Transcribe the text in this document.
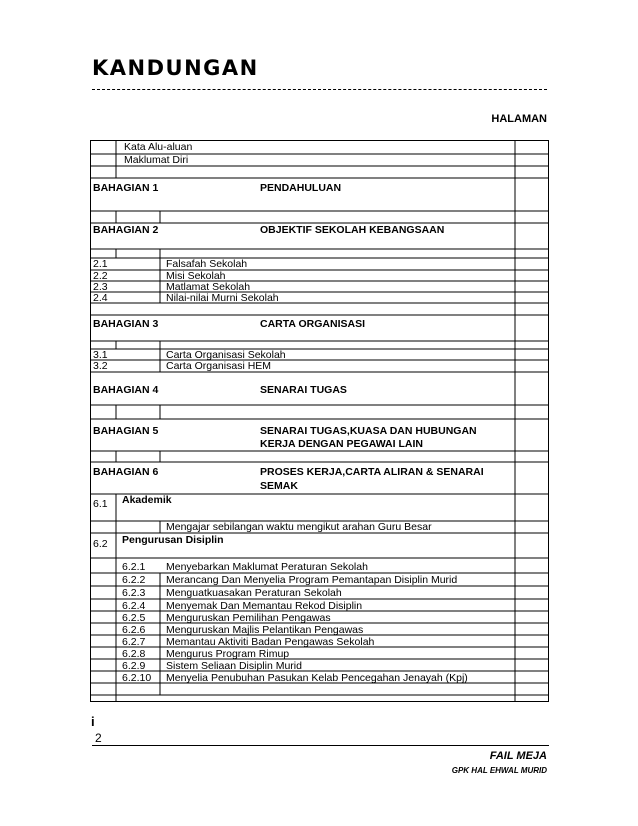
KANDUNGAN
HALAMAN
Kata Alu-aluan
Maklumat Diri
BAHAGIAN 1	PENDAHULUAN
BAHAGIAN 2	OBJEKTIF SEKOLAH KEBANGSAAN
2.1	Falsafah Sekolah
2.2	Misi Sekolah
2.3	Matlamat Sekolah
2.4	Nilai-nilai Murni Sekolah
BAHAGIAN 3	CARTA ORGANISASI
3.1	Carta Organisasi Sekolah
3.2	Carta Organisasi HEM
BAHAGIAN 4	SENARAI TUGAS
BAHAGIAN 5	SENARAI TUGAS,KUASA DAN HUBUNGAN
KERJA DENGAN PEGAWAI LAIN
BAHAGIAN 6	PROSES KERJA,CARTA ALIRAN & SENARAI
SEMAK
6.1 Akademik
Mengajar sebilangan waktu mengikut arahan Guru Besar
6.2 Pengurusan Disiplin
6.2.1 Menyebarkan Maklumat Peraturan Sekolah
6.2.2 Merancang Dan Menyelia Program Pemantapan Disiplin Murid
6.2.3 Menguatkuasakan Peraturan Sekolah
6.2.4 Menyemak Dan Memantau Rekod Disiplin
6.2.5 Menguruskan Pemilihan Pengawas
6.2.6 Menguruskan Majlis Pelantikan Pengawas
6.2.7 Memantau Aktiviti Badan Pengawas Sekolah
6.2.8 Mengurus Program Rimup
6.2.9 Sistem Seliaan Disiplin Murid
6.2.10 Menyelia Penubuhan Pasukan Kelab Pencegahan Jenayah (Kpj)
i
2
FAIL MEJA
GPK HAL EHWAL MURID
